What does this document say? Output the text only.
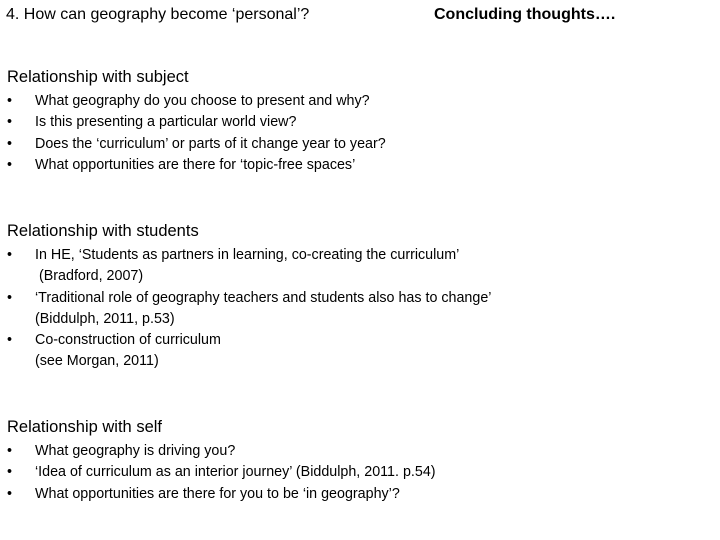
4. How can geography become ‘personal’?	Concluding thoughts….
Relationship with subject
•	What geography do you choose to present and why?
•	Is this presenting a particular world view?
•	Does the ‘curriculum’ or parts of it change year to year?
•	What opportunities are there for ‘topic-free spaces’
Relationship with students
•	In HE, ‘Students as partners in learning, co-creating the curriculum’
(Bradford, 2007)
•	‘Traditional role of geography teachers and students also has to change’
(Biddulph, 2011, p.53)
•	Co-construction of curriculum
(see Morgan, 2011)
Relationship with self
•	What geography is driving you?
•	‘Idea of curriculum as an interior journey’ (Biddulph, 2011. p.54)
•	What opportunities are there for you to be ‘in geography’?
